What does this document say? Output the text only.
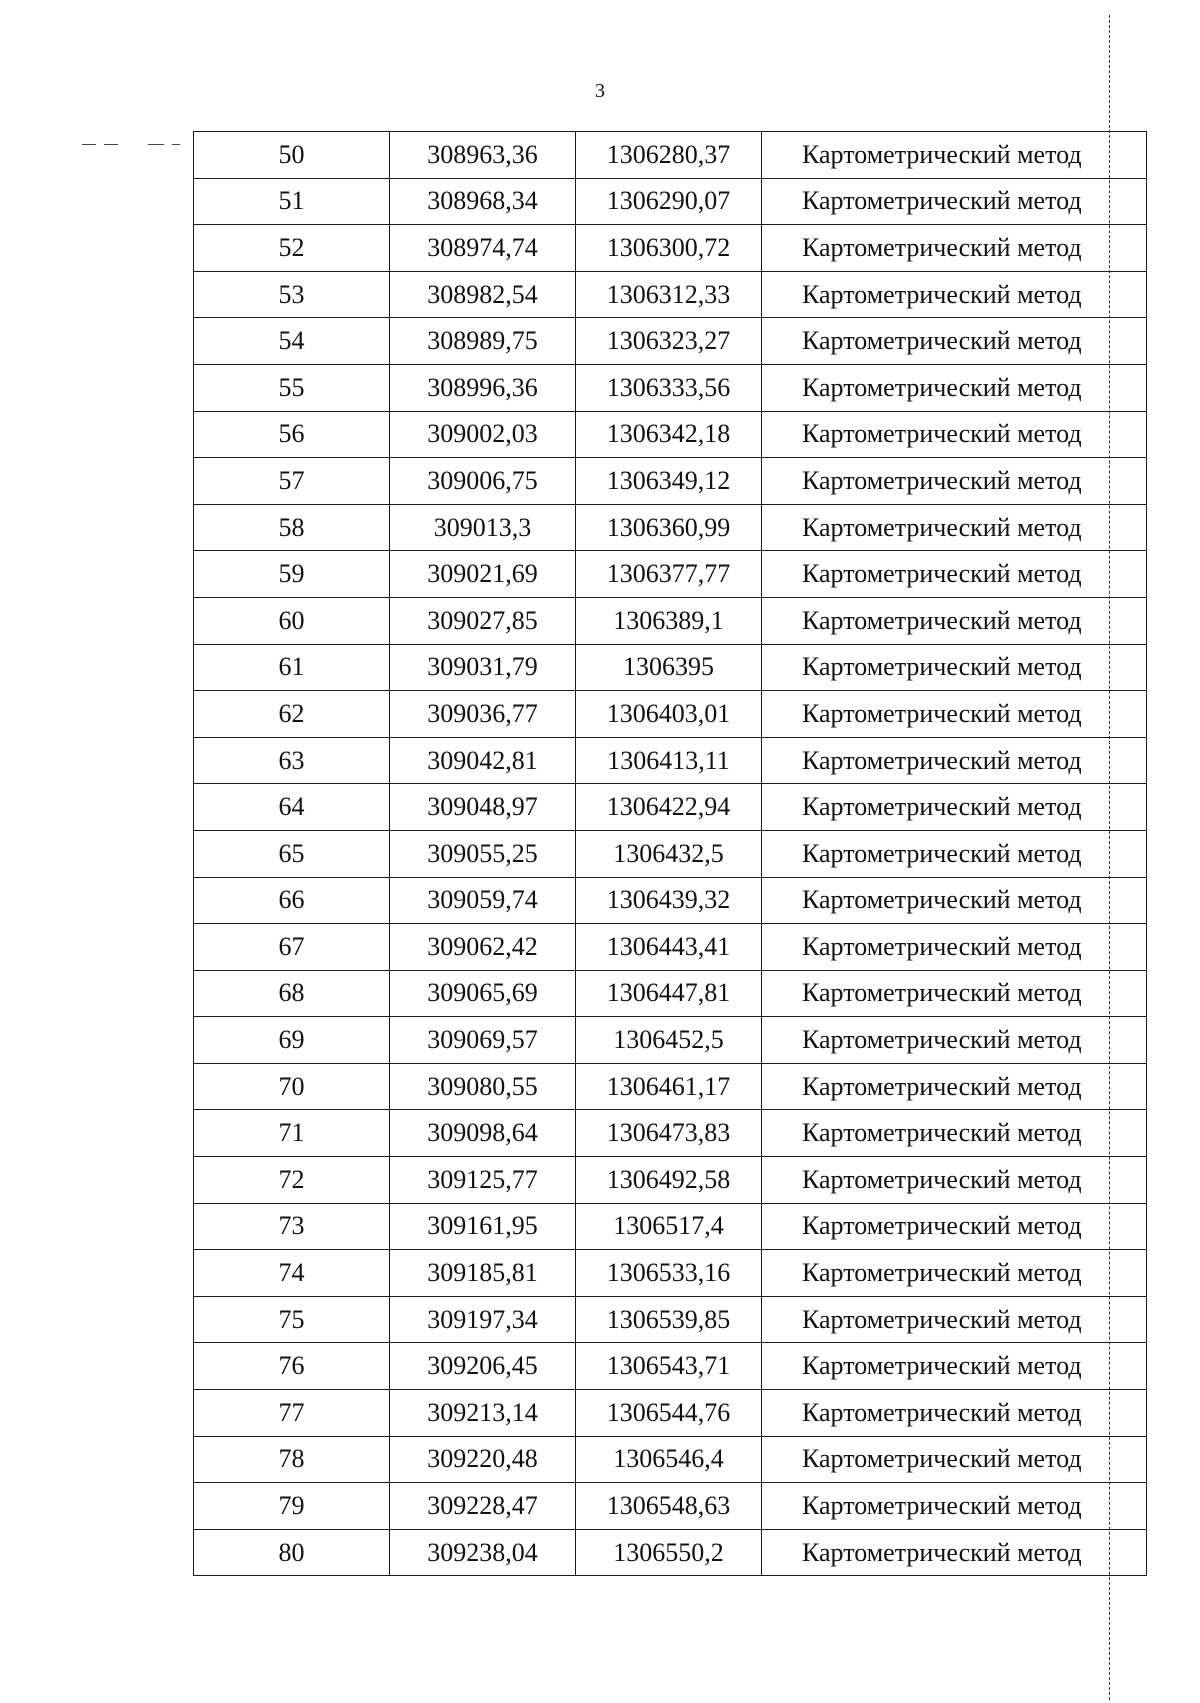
3
50	308963,36	1306280,37	Картометрический метод
51	308968,34	1306290,07	Картометрический метод
52	308974,74	1306300,72	Картометрический метод
53	308982,54	1306312,33	Картометрический метод
54	308989,75	1306323,27	Картометрический метод
55	308996,36	1306333,56	Картометрический метод
56	309002,03	1306342,18	Картометрический метод
57	309006,75	1306349,12	Картометрический метод
58	309013,3	1306360,99	Картометрический метод
59	309021,69	1306377,77	Картометрический метод
60	309027,85	1306389,1	Картометрический метод
61	309031,79	1306395	Картометрический метод
62	309036,77	1306403,01	Картометрический метод
63	309042,81	1306413,11	Картометрический метод
64	309048,97	1306422,94	Картометрический метод
65	309055,25	1306432,5	Картометрический метод
66	309059,74	1306439,32	Картометрический метод
67	309062,42	1306443,41	Картометрический метод
68	309065,69	1306447,81	Картометрический метод
69	309069,57	1306452,5	Картометрический метод
70	309080,55	1306461,17	Картометрический метод
71	309098,64	1306473,83	Картометрический метод
72	309125,77	1306492,58	Картометрический метод
73	309161,95	1306517,4	Картометрический метод
74	309185,81	1306533,16	Картометрический метод
75	309197,34	1306539,85	Картометрический метод
76	309206,45	1306543,71	Картометрический метод
77	309213,14	1306544,76	Картометрический метод
78	309220,48	1306546,4	Картометрический метод
79	309228,47	1306548,63	Картометрический метод
80	309238,04	1306550,2	Картометрический метод
